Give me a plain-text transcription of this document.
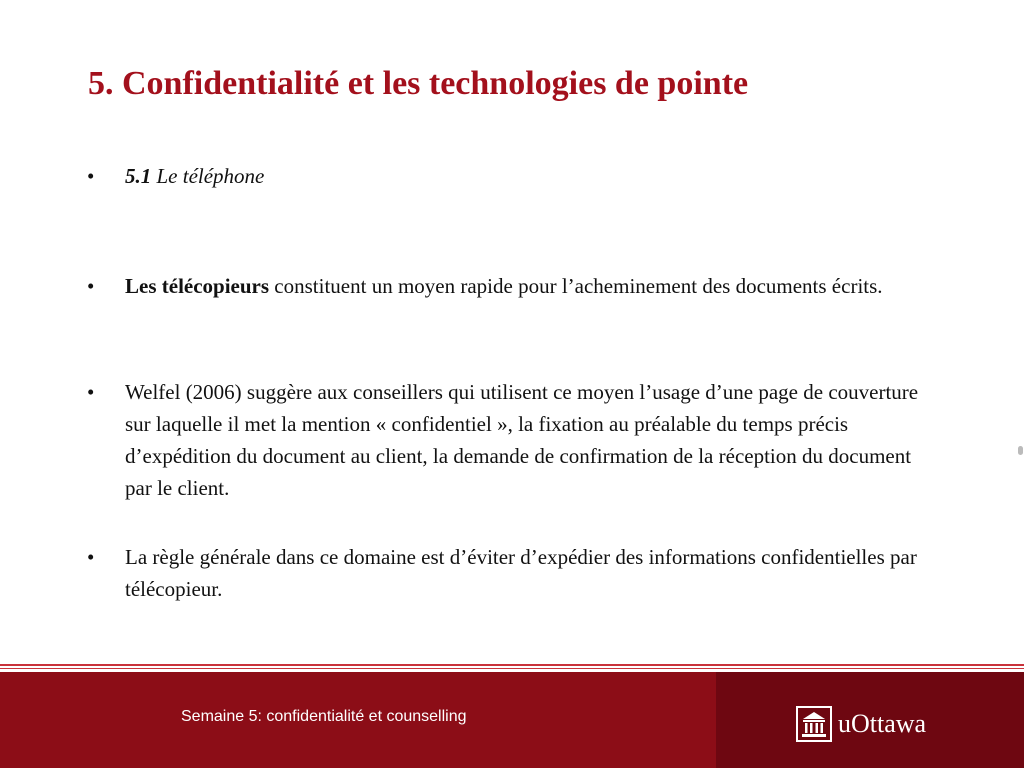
5. Confidentialité et les technologies de pointe
• 5.1 Le téléphone
• Les télécopieurs constituent un moyen rapide pour l’acheminement des documents écrits.
• Welfel (2006) suggère aux conseillers qui utilisent ce moyen l’usage d’une page de couverture sur laquelle il met la mention « confidentiel », la fixation au préalable du temps précis d’expédition du document au client, la demande de confirmation de la réception du document par le client.
• La règle générale dans ce domaine est d’éviter d’expédier des informations confidentielles par télécopieur.
Semaine 5: confidentialité et counselling	uOttawa
